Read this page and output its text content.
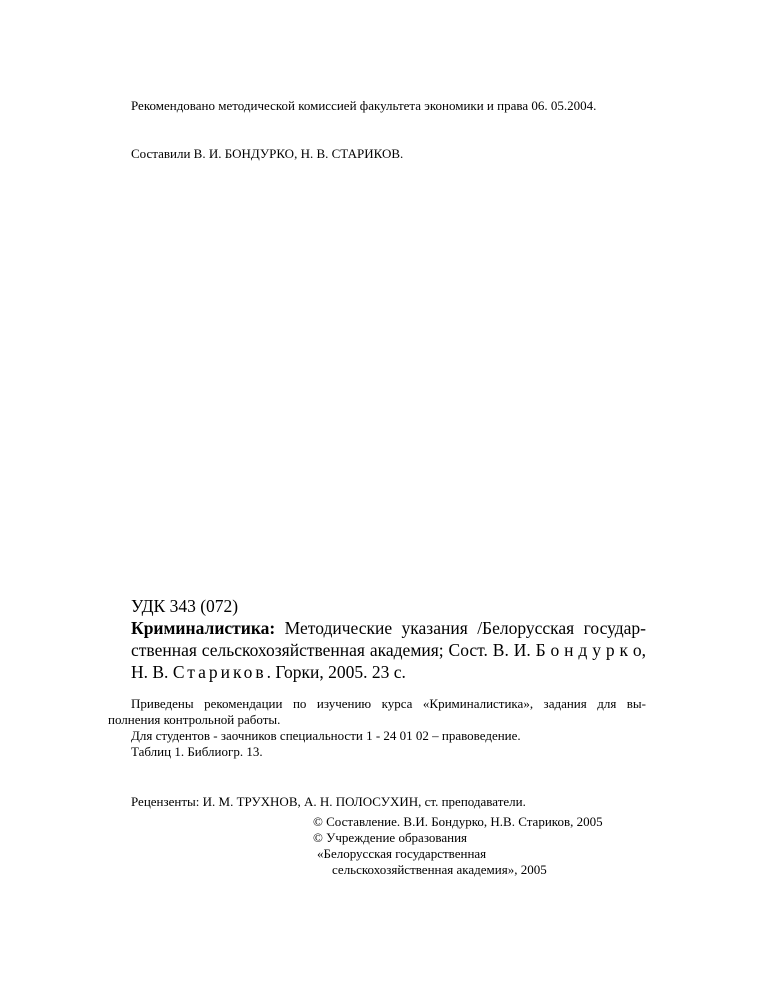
Рекомендовано методической комиссией факультета экономики и права 06. 05.2004.

Составили В. И. БОНДУРКО, Н. В. СТАРИКОВ.

УДК 343 (072)

Криминалистика: Методические указания /Белорусская государ-
ственная сельскохозяйственная академия; Сост. В. И. Б о н д у р к о,
Н. В. Стариков. Горки, 2005. 23 с.
Приведены рекомендации по изучению курса «Криминалистика», задания для вы-
полнения контрольной работы.
Для студентов - заочников специальности 1 - 24 01 02 – правоведение.
Таблиц 1. Библиогр. 13.

Рецензенты: И. М. ТРУХНОВ, А. Н. ПОЛОСУХИН, ст. преподаватели.

© Составление. В.И. Бондурко, Н.В. Стариков, 2005
© Учреждение образования
«Белорусская государственная
сельскохозяйственная академия», 2005
